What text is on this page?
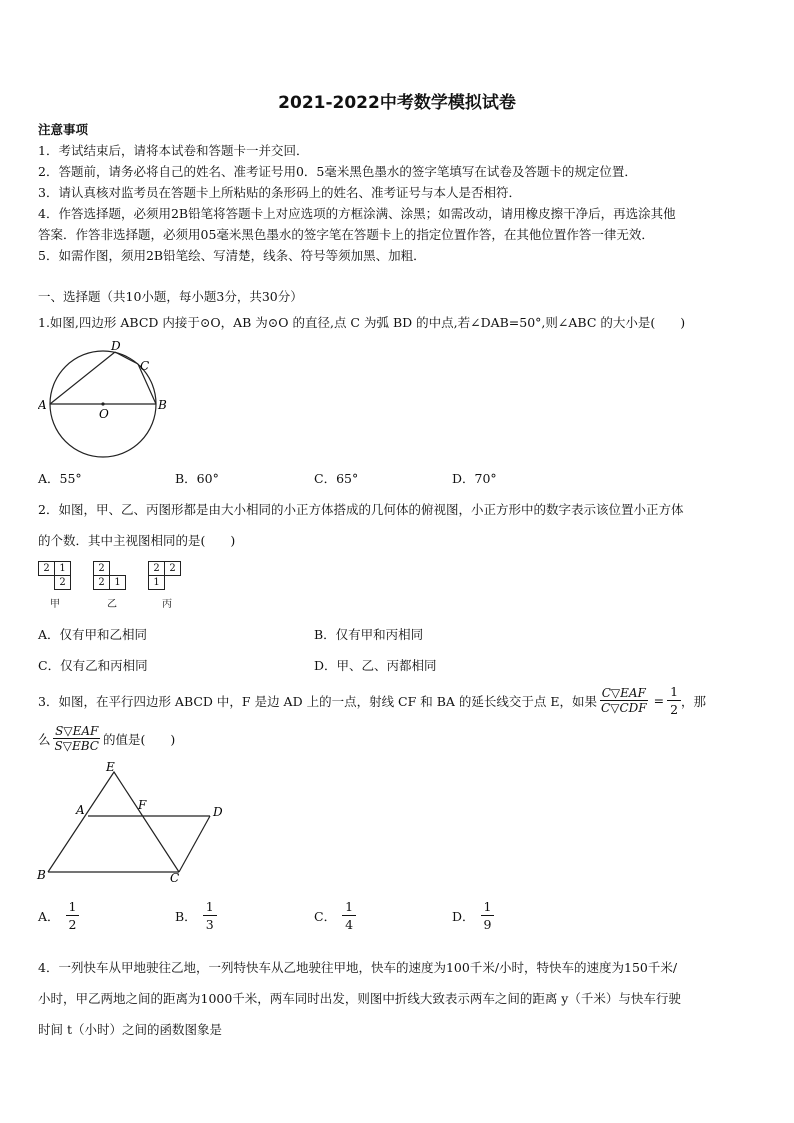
2021-2022中考数学模拟试卷
注意事项
1．考试结束后，请将本试卷和答题卡一并交回．
2．答题前，请务必将自己的姓名、准考证号用0．5毫米黑色墨水的签字笔填写在试卷及答题卡的规定位置．
3．请认真核对监考员在答题卡上所粘贴的条形码上的姓名、准考证号与本人是否相符．
4．作答选择题，必须用2B铅笔将答题卡上对应选项的方框涂满、涂黑；如需改动，请用橡皮擦干净后，再选涂其他
答案．作答非选择题，必须用05毫米黑色墨水的签字笔在答题卡上的指定位置作答，在其他位置作答一律无效．
5．如需作图，须用2B铅笔绘、写清楚，线条、符号等须加黑、加粗．
一、选择题（共10小题，每小题3分，共30分）
1.如图,四边形 ABCD 内接于⊙O，AB 为⊙O 的直径,点 C 为弧 BD 的中点,若∠DAB=50°,则∠ABC 的大小是(　　)
A	B
C
D
O
A．55°	B．60°	C．65°	D．70°
2．如图，甲、乙、丙图形都是由大小相同的小正方体搭成的几何体的俯视图，小正方形中的数字表示该位置小正方体
的个数．其中主视图相同的是(　　)
2 1
2
甲
2
2 1
乙
2 2
1
丙
A．仅有甲和乙相同	B．仅有甲和丙相同
C．仅有乙和丙相同	D．甲、乙、丙都相同
3．如图，在平行四边形 ABCD 中，F 是边 AD 上的一点，射线 CF 和 BA 的延长线交于点 E，如果 $\frac{\text{C▽EAF}}{\text{C▽CDF}} = \frac{1}{2}$ ，那
么 $\frac{\text{S▽EAF}}{\text{S▽EBC}}$ 的值是(　　)
E
A	F	D
B	C
A． $\frac{1}{2}$	B． $\frac{1}{3}$	C． $\frac{1}{4}$	D． $\frac{1}{9}$
4．一列快车从甲地驶往乙地，一列特快车从乙地驶往甲地，快车的速度为100千米/小时，特快车的速度为150千米/
小时，甲乙两地之间的距离为1000千米，两车同时出发，则图中折线大致表示两车之间的距离 y（千米）与快车行驶
时间 t（小时）之间的函数图象是
